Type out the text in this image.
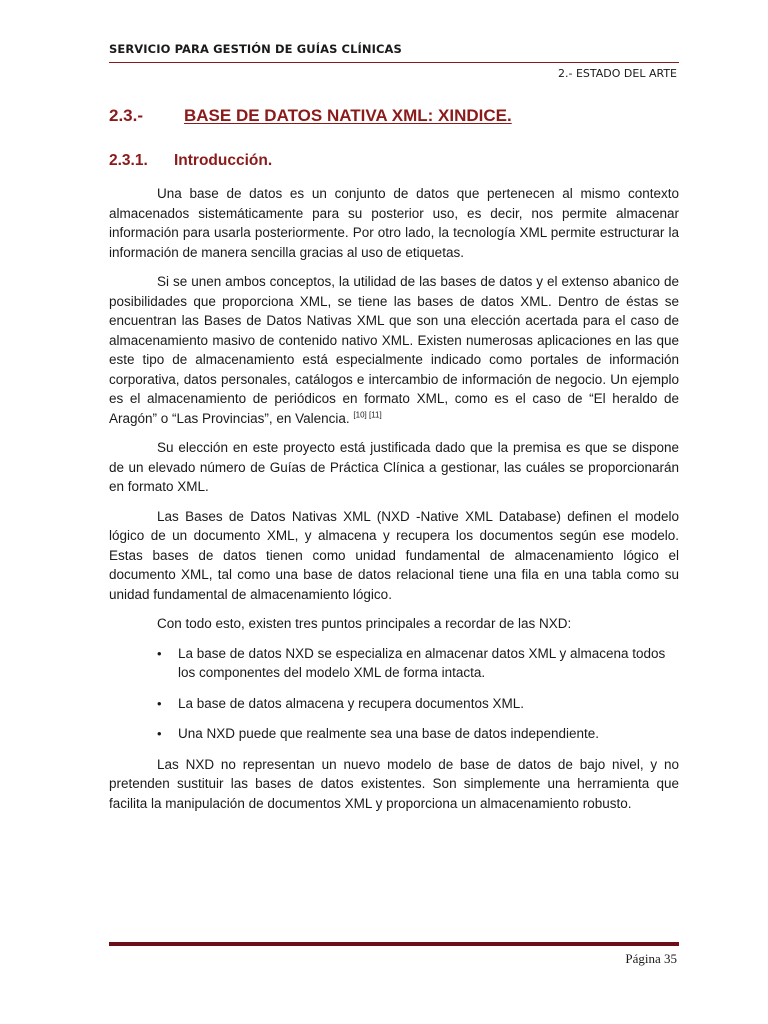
SERVICIO PARA GESTIÓN DE GUÍAS CLÍNICAS
2.- ESTADO DEL ARTE
2.3.- BASE DE DATOS NATIVA XML: XINDICE.
2.3.1. Introducción.

Una base de datos es un conjunto de datos que pertenecen al mismo contexto almacenados sistemáticamente para su posterior uso, es decir, nos permite almacenar información para usarla posteriormente. Por otro lado, la tecnología XML permite estructurar la información de manera sencilla gracias al uso de etiquetas.

Si se unen ambos conceptos, la utilidad de las bases de datos y el extenso abanico de posibilidades que proporciona XML, se tiene las bases de datos XML. Dentro de éstas se encuentran las Bases de Datos Nativas XML que son una elección acertada para el caso de almacenamiento masivo de contenido nativo XML. Existen numerosas aplicaciones en las que este tipo de almacenamiento está especialmente indicado como portales de información corporativa, datos personales, catálogos e intercambio de información de negocio. Un ejemplo es el almacenamiento de periódicos en formato XML, como es el caso de “El heraldo de Aragón” o “Las Provincias”, en Valencia. [10] [11]

Su elección en este proyecto está justificada dado que la premisa es que se dispone de un elevado número de Guías de Práctica Clínica a gestionar, las cuáles se proporcionarán en formato XML.

Las Bases de Datos Nativas XML (NXD -Native XML Database) definen el modelo lógico de un documento XML, y almacena y recupera los documentos según ese modelo. Estas bases de datos tienen como unidad fundamental de almacenamiento lógico el documento XML, tal como una base de datos relacional tiene una fila en una tabla como su unidad fundamental de almacenamiento lógico.

Con todo esto, existen tres puntos principales a recordar de las NXD:

• La base de datos NXD se especializa en almacenar datos XML y almacena todos los componentes del modelo XML de forma intacta.
• La base de datos almacena y recupera documentos XML.
• Una NXD puede que realmente sea una base de datos independiente.

Las NXD no representan un nuevo modelo de base de datos de bajo nivel, y no pretenden sustituir las bases de datos existentes. Son simplemente una herramienta que facilita la manipulación de documentos XML y proporciona un almacenamiento robusto.

Página 35
